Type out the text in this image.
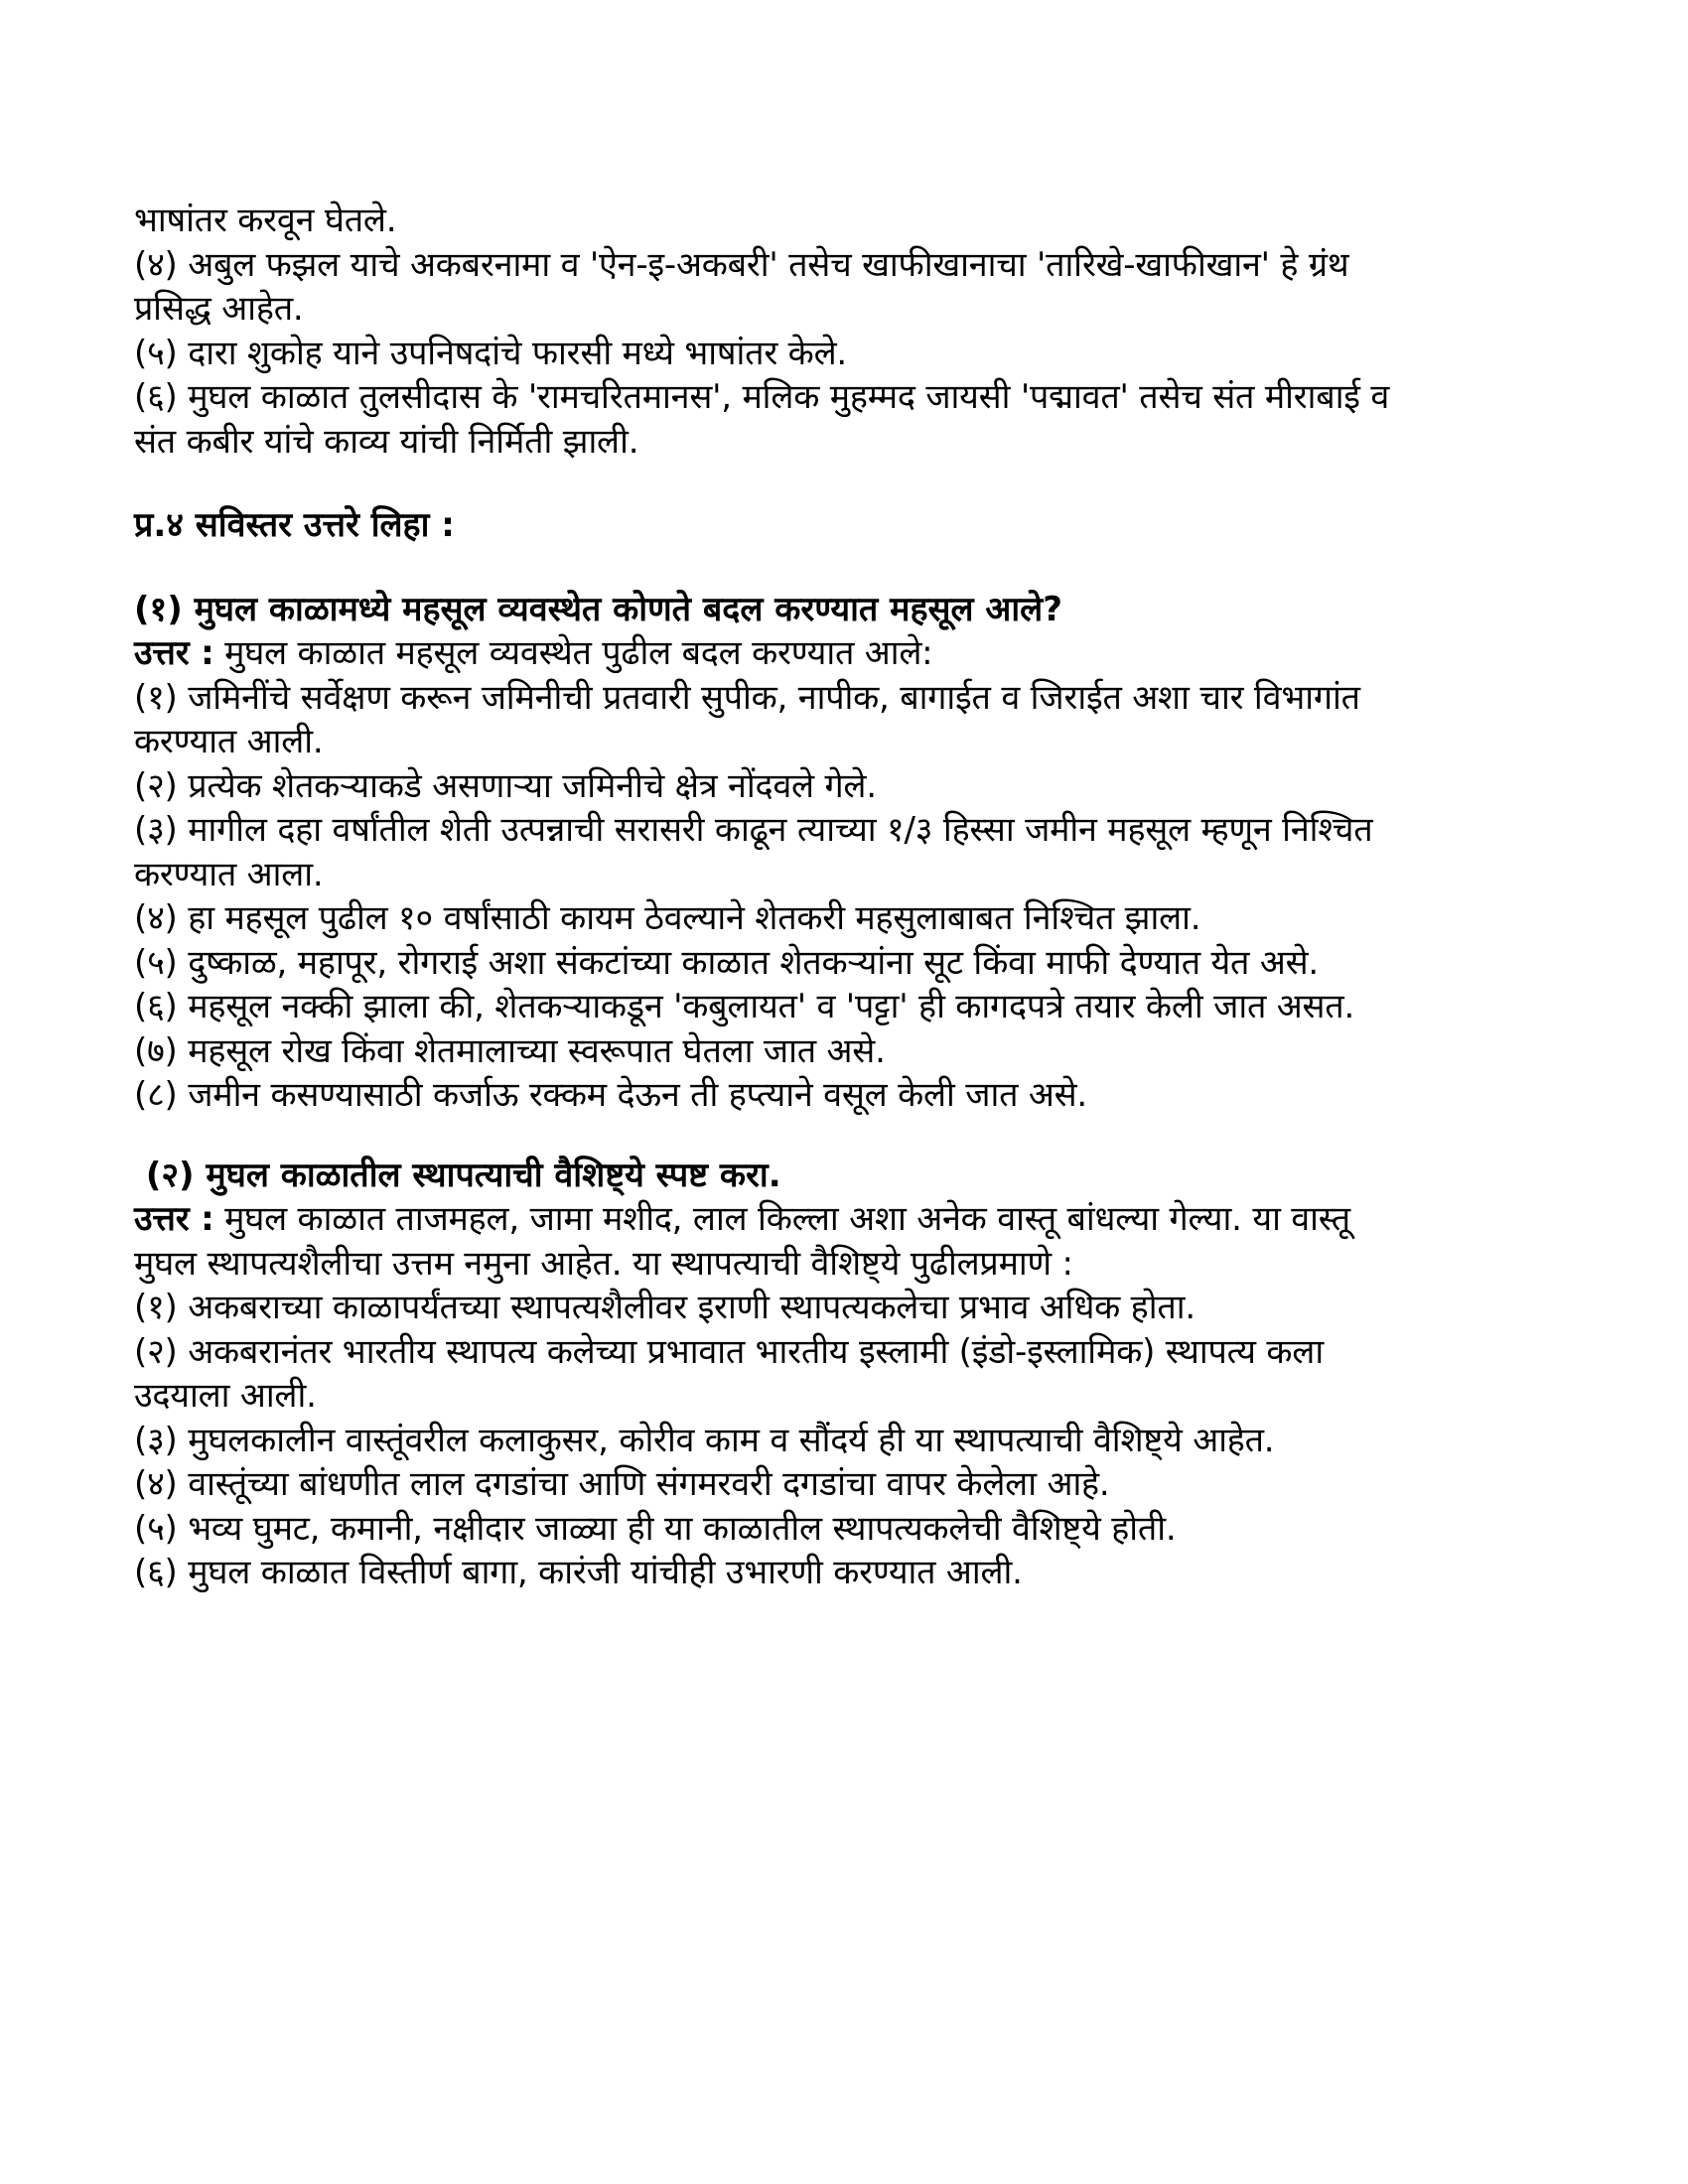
भाषांतर करवून घेतले.
(४) अबुल फझल याचे अकबरनामा व 'ऐन-इ-अकबरी' तसेच खाफीखानाचा 'तारिखे-खाफीखान' हे ग्रंथ
प्रसिद्ध आहेत.
(५) दारा शुकोह याने उपनिषदांचे फारसी मध्ये भाषांतर केले.
(६) मुघल काळात तुलसीदास के 'रामचरितमानस', मलिक मुहम्मद जायसी 'पद्मावत' तसेच संत मीराबाई व
संत कबीर यांचे काव्य यांची निर्मिती झाली.
प्र.४ सविस्तर उत्तरे लिहा :
(१) मुघल काळामध्ये महसूल व्यवस्थेत कोणते बदल करण्यात महसूल आले?
उत्तर : मुघल काळात महसूल व्यवस्थेत पुढील बदल करण्यात आले:
(१) जमिनींचे सर्वेक्षण करून जमिनीची प्रतवारी सुपीक, नापीक, बागाईत व जिराईत अशा चार विभागांत
करण्यात आली.
(२) प्रत्येक शेतकऱ्याकडे असणाऱ्या जमिनीचे क्षेत्र नोंदवले गेले.
(३) मागील दहा वर्षांतील शेती उत्पन्नाची सरासरी काढून त्याच्या १/३ हिस्सा जमीन महसूल म्हणून निश्चित
करण्यात आला.
(४) हा महसूल पुढील १० वर्षांसाठी कायम ठेवल्याने शेतकरी महसुलाबाबत निश्चित झाला.
(५) दुष्काळ, महापूर, रोगराई अशा संकटांच्या काळात शेतकऱ्यांना सूट किंवा माफी देण्यात येत असे.
(६) महसूल नक्की झाला की, शेतकऱ्याकडून 'कबुलायत' व 'पट्टा' ही कागदपत्रे तयार केली जात असत.
(७) महसूल रोख किंवा शेतमालाच्या स्वरूपात घेतला जात असे.
(८) जमीन कसण्यासाठी कर्जाऊ रक्कम देऊन ती हप्त्याने वसूल केली जात असे.
(२) मुघल काळातील स्थापत्याची वैशिष्ट्ये स्पष्ट करा.
उत्तर : मुघल काळात ताजमहल, जामा मशीद, लाल किल्ला अशा अनेक वास्तू बांधल्या गेल्या. या वास्तू
मुघल स्थापत्यशैलीचा उत्तम नमुना आहेत. या स्थापत्याची वैशिष्ट्ये पुढीलप्रमाणे :
(१) अकबराच्या काळापर्यंतच्या स्थापत्यशैलीवर इराणी स्थापत्यकलेचा प्रभाव अधिक होता.
(२) अकबरानंतर भारतीय स्थापत्य कलेच्या प्रभावात भारतीय इस्लामी (इंडो-इस्लामिक) स्थापत्य कला
उदयाला आली.
(३) मुघलकालीन वास्तूंवरील कलाकुसर, कोरीव काम व सौंदर्य ही या स्थापत्याची वैशिष्ट्ये आहेत.
(४) वास्तूंच्या बांधणीत लाल दगडांचा आणि संगमरवरी दगडांचा वापर केलेला आहे.
(५) भव्य घुमट, कमानी, नक्षीदार जाळ्या ही या काळातील स्थापत्यकलेची वैशिष्ट्ये होती.
(६) मुघल काळात विस्तीर्ण बागा, कारंजी यांचीही उभारणी करण्यात आली.
